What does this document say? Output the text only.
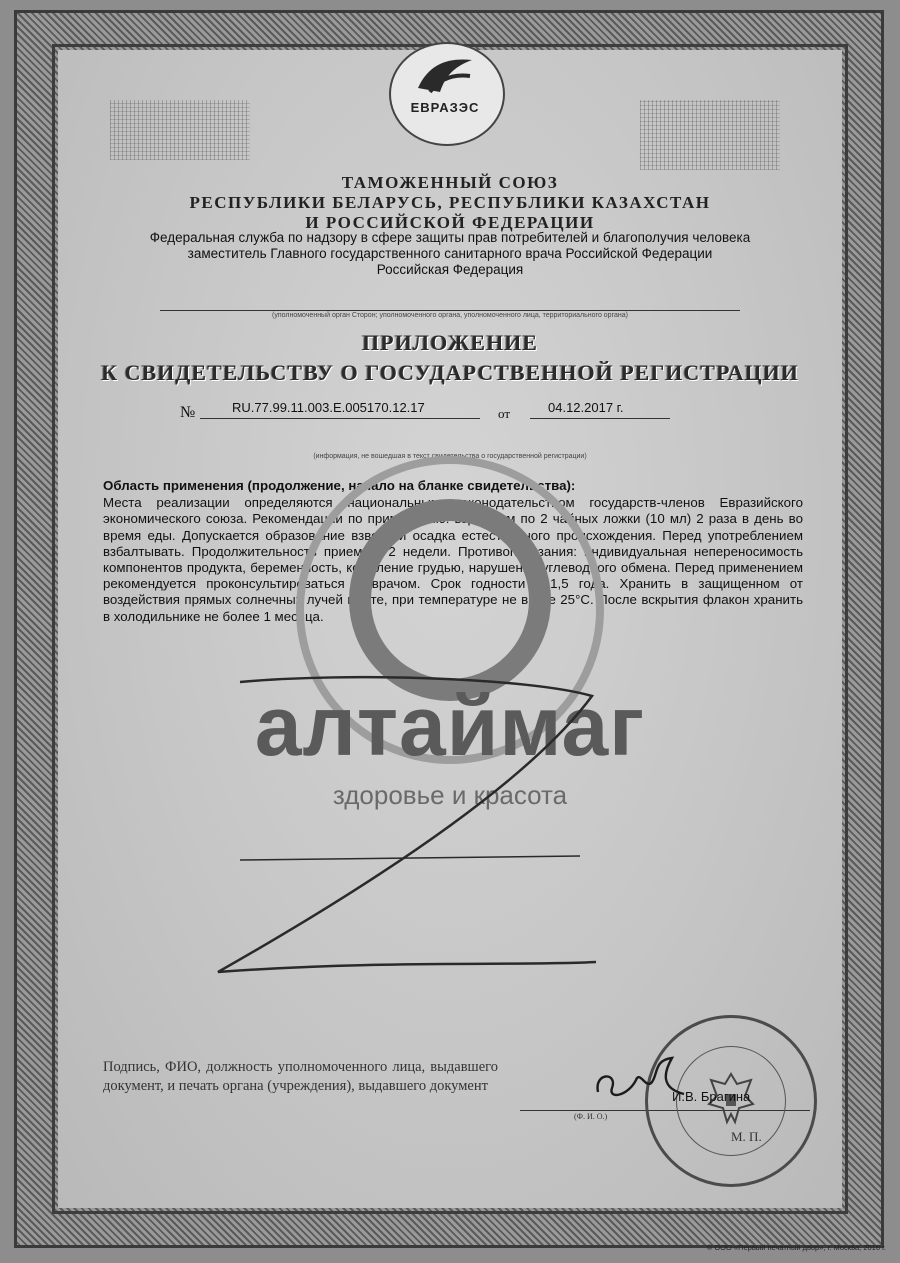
ЕВРАЗЭС
ТАМОЖЕННЫЙ СОЮЗ
РЕСПУБЛИКИ БЕЛАРУСЬ, РЕСПУБЛИКИ КАЗАХСТАН
И РОССИЙСКОЙ ФЕДЕРАЦИИ
Федеральная служба по надзору в сфере защиты прав потребителей и благополучия человека
заместитель Главного государственного санитарного врача Российской Федерации
Российская Федерация
(уполномоченный орган Сторон; уполномоченного органа, уполномоченного лица, территориального органа)
ПРИЛОЖЕНИЕ
К СВИДЕТЕЛЬСТВУ О ГОСУДАРСТВЕННОЙ РЕГИСТРАЦИИ
№	RU.77.99.11.003.E.005170.12.17	от	04.12.2017 г.
(информация, не вошедшая в текст свидетельства о государственной регистрации)
Область применения (продолжение, начало на бланке свидетельства):
Места реализации определяются национальным законодательством государств-членов Евразийского экономического союза. Рекомендации по применению: взрослым по 2 чайных ложки (10 мл) 2 раза в день во время еды. Допускается образование взвеси и осадка естественного происхождения. Перед употреблением взбалтывать. Продолжительность приема - 2 недели. Противопоказания: индивидуальная непереносимость компонентов продукта, беременность, кормление грудью, нарушения углеводного обмена. Перед применением рекомендуется проконсультироваться с врачом. Срок годности - 1,5 года. Хранить в защищенном от воздействия прямых солнечных лучей месте, при температуре не выше 25°С. После вскрытия флакон хранить в холодильнике не более 1 месяца.
алтаймаг
здоровье и красота
Подпись, ФИО, должность уполномоченного лица, выдавшего документ, и печать органа (учреждения), выдавшего документ
И.В. Брагина
(Ф. И. О.)
М. П.
© ООО «Первый печатный двор», г. Москва, 2016 г.
